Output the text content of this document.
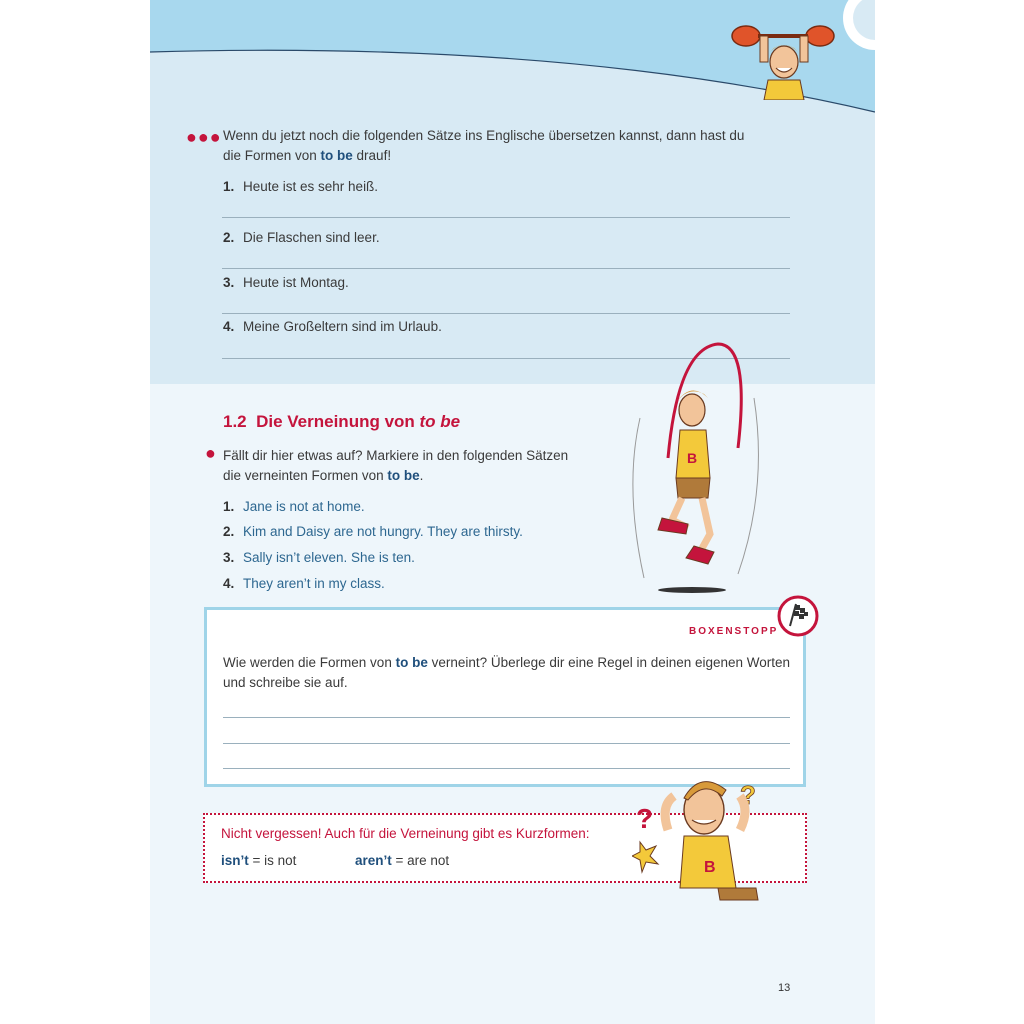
●●● Wenn du jetzt noch die folgenden Sätze ins Englische übersetzen kannst, dann hast du die Formen von to be drauf!
1. Heute ist es sehr heiß.
2. Die Flaschen sind leer.
3. Heute ist Montag.
4. Meine Großeltern sind im Urlaub.
B
1.2 Die Verneinung von to be
● Fällt dir hier etwas auf? Markiere in den folgenden Sätzen die verneinten Formen von to be.
1. Jane is not at home.
2. Kim and Daisy are not hungry. They are thirsty.
3. Sally isn’t eleven. She is ten.
4. They aren’t in my class.
BOXENSTOPP
Wie werden die Formen von to be verneint? Überlege dir eine Regel in deinen eigenen Worten und schreibe sie auf.
Nicht vergessen! Auch für die Verneinung gibt es Kurzformen:
isn’t = is not	aren’t = are not
?
?
B
13
